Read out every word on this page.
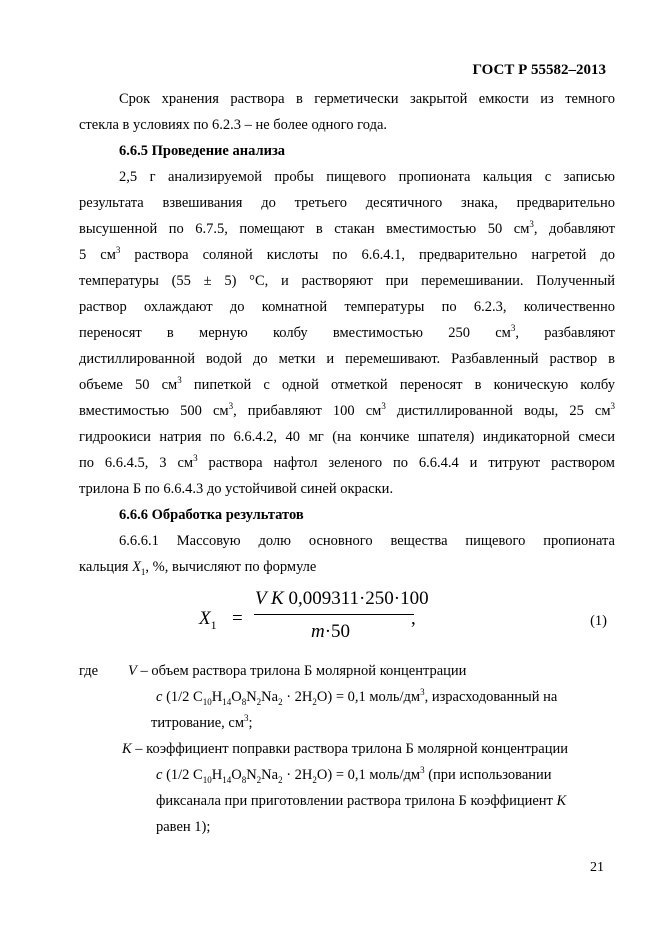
ГОСТ Р 55582–2013

Срок хранения раствора в герметически закрытой емкости из темного

стекла в условиях по 6.2.3 – не более одного года.

6.6.5 Проведение анализа

2,5 г анализируемой пробы пищевого пропионата кальция с записью

результата взвешивания до третьего десятичного знака, предварительно

высушенной по 6.7.5, помещают в стакан вместимостью 50 $см^3$, добавляют

5 $см^3$ раствора соляной кислоты по 6.6.4.1, предварительно нагретой до

температуры (55 ± 5) °С, и растворяют при перемешивании. Полученный

раствор охлаждают до комнатной температуры по 6.2.3, количественно

переносят в мерную колбу вместимостью 250 $см^3$, разбавляют

дистиллированной водой до метки и перемешивают. Разбавленный раствор в

объеме 50 $см^3$ пипеткой с одной отметкой переносят в коническую колбу

вместимостью 500 $см^3$, прибавляют 100 $см^3$ дистиллированной воды, 25 $см^3$

гидроокиси натрия по 6.6.4.2, 40 мг (на кончике шпателя) индикаторной смеси

по 6.6.4.5, 3 $см^3$ раствора нафтол зеленого по 6.6.4.4 и титруют раствором

трилона Б по 6.6.4.3 до устойчивой синей окраски.

6.6.6 Обработка результатов

6.6.6.1 Массовую долю основного вещества пищевого пропионата

кальция $X_1$, %, вычисляют по формуле

$X_1$ =
V K 0,009311·250·100
m·50
,	(1)
где	V – объем раствора трилона Б молярной концентрации

c (1/2 $C_{10}H_{14}O_8N_2Na_2 \cdot 2H_2O) = 0,1$ моль/$дм^3$, израсходованный на

титрование, $см^3$;

K – коэффициент поправки раствора трилона Б молярной концентрации

c (1/2 $C_{10}H_{14}O_8N_2Na_2 \cdot 2H_2O) = 0,1$ моль/$дм^3$ (при использовании

фиксанала при приготовлении раствора трилона Б коэффициент K

равен 1);

21
